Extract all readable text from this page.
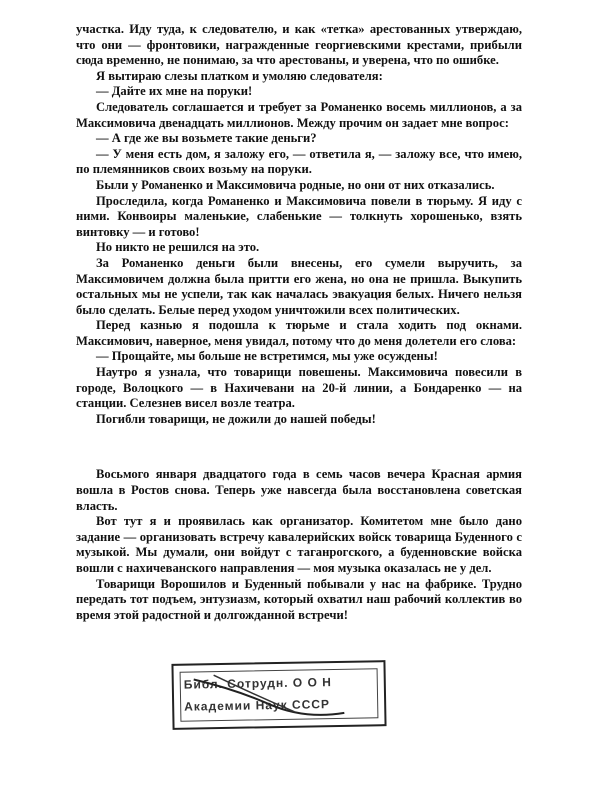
участка. Иду туда, к следователю, и как «тетка» арестованных утверждаю, что они — фронтовики, награжденные георгиевскими крестами, прибыли сюда временно, не понимаю, за что арестованы, и уверена, что по ошибке.

Я вытираю слезы платком и умоляю следователя:

— Дайте их мне на поруки!

Следователь соглашается и требует за Романенко восемь миллионов, а за Максимовича двенадцать миллионов. Между прочим он задает мне вопрос:

— А где же вы возьмете такие деньги?

— У меня есть дом, я заложу его, — ответила я, — заложу все, что имею, по племянников своих возьму на поруки.

Были у Романенко и Максимовича родные, но они от них отказались.

Проследила, когда Романенко и Максимовича повели в тюрьму. Я иду с ними. Конвоиры маленькие, слабенькие — толкнуть хорошенько, взять винтовку — и готово!

Но никто не решился на это.

За Романенко деньги были внесены, его сумели выручить, за Максимовичем должна была притти его жена, но она не пришла. Выкупить остальных мы не успели, так как началась эвакуация белых. Ничего нельзя было сделать. Белые перед уходом уничтожили всех политических.

Перед казнью я подошла к тюрьме и стала ходить под окнами. Максимович, наверное, меня увидал, потому что до меня долетели его слова:

— Прощайте, мы больше не встретимся, мы уже осуждены!

Наутро я узнала, что товарищи повешены. Максимовича повесили в городе, Волоцкого — в Нахичевани на 20-й линии, а Бондаренко — на станции. Селезнев висел возле театра.

Погибли товарищи, не дожили до нашей победы!

Восьмого января двадцатого года в семь часов вечера Красная армия вошла в Ростов снова. Теперь уже навсегда была восстановлена советская власть.

Вот тут я и проявилась как организатор. Комитетом мне было дано задание — организовать встречу кавалерийских войск товарища Буденного с музыкой. Мы думали, они войдут с таганрогского, а буденновские войска вошли с нахичеванского направления — моя музыка оказалась не у дел.

Товарищи Ворошилов и Буденный побывали у нас на фабрике. Трудно передать тот подъем, энтузиазм, который охватил наш рабочий коллектив во время этой радостной и долгожданной встречи!

Библ. Сотрудн. О О Н
Академии Наук СССР
